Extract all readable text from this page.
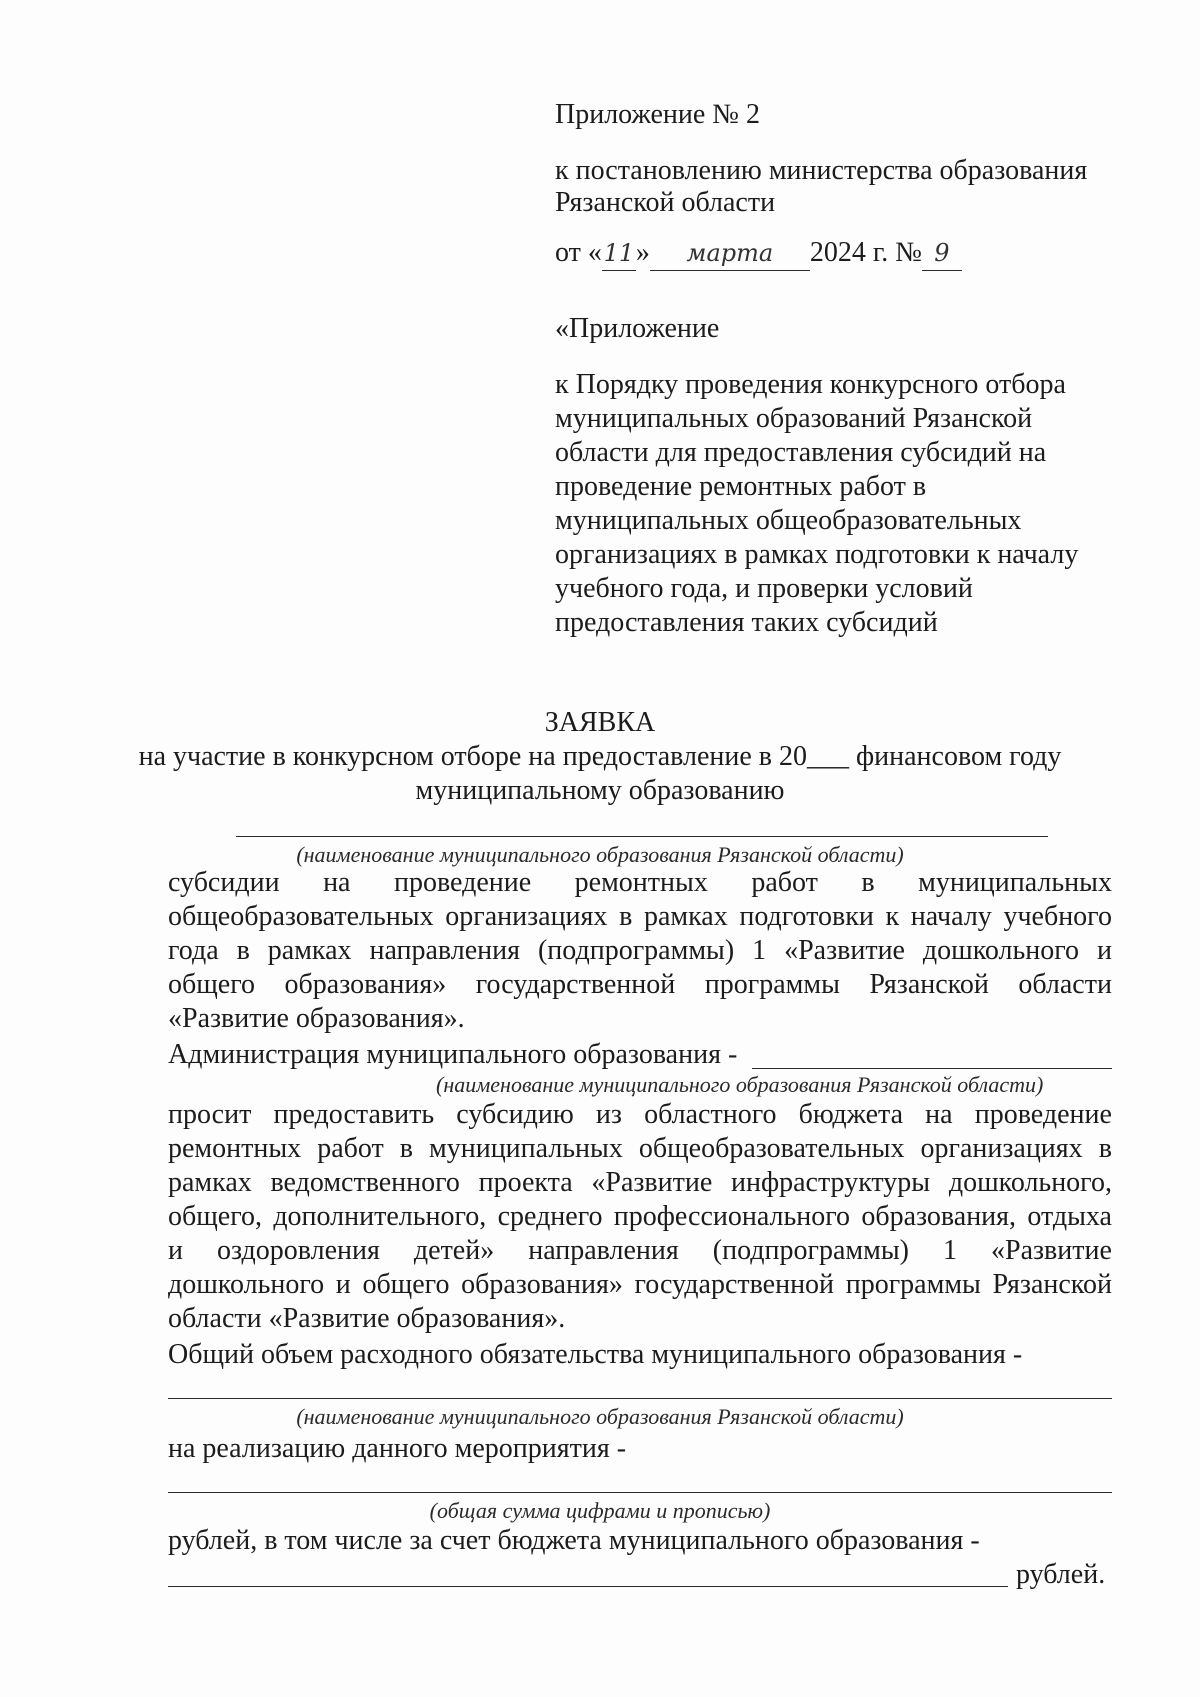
Приложение № 2
к постановлению министерства образования
Рязанской области
от «11» марта 2024 г. № 9
«Приложение
к Порядку проведения конкурсного отбора
муниципальных образований Рязанской
области для предоставления субсидий на
проведение ремонтных работ в
муниципальных общеобразовательных
организациях в рамках подготовки к началу
учебного года, и проверки условий
предоставления таких субсидий
ЗАЯВКА
на участие в конкурсном отборе на предоставление в 20___ финансовом году
муниципальному образованию
(наименование муниципального образования Рязанской области)
субсидии на проведение ремонтных работ в муниципальных
общеобразовательных организациях в рамках подготовки к началу учебного
года в рамках направления (подпрограммы) 1 «Развитие дошкольного и
общего образования» государственной программы Рязанской области
«Развитие образования».
Администрация муниципального образования -
(наименование муниципального образования Рязанской области)
просит предоставить субсидию из областного бюджета на проведение
ремонтных работ в муниципальных общеобразовательных организациях в
рамках ведомственного проекта «Развитие инфраструктуры дошкольного,
общего, дополнительного, среднего профессионального образования, отдыха
и оздоровления детей» направления (подпрограммы) 1 «Развитие
дошкольного и общего образования» государственной программы Рязанской
области «Развитие образования».
Общий объем расходного обязательства муниципального образования -
(наименование муниципального образования Рязанской области)
на реализацию данного мероприятия -
(общая сумма цифрами и прописью)
рублей, в том числе за счет бюджета муниципального образования -
рублей.
